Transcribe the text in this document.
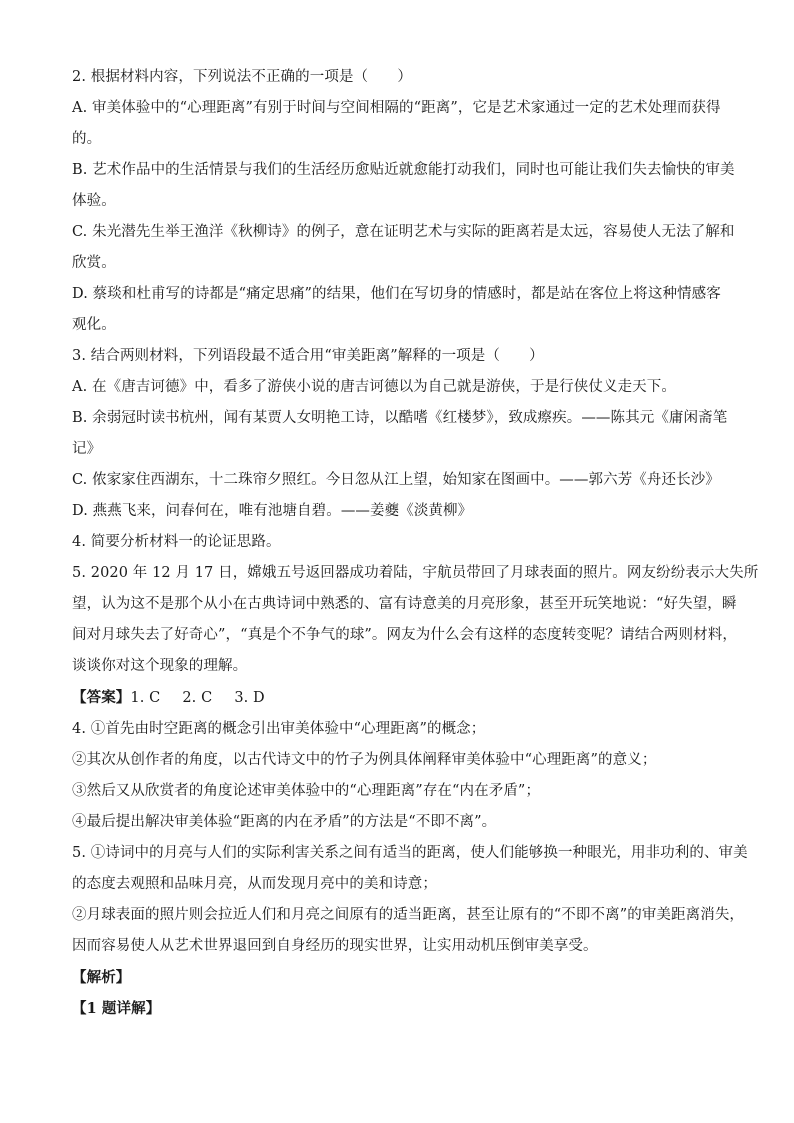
2. 根据材料内容，下列说法不正确的一项是（　　）
A. 审美体验中的“心理距离”有别于时间与空间相隔的“距离”，它是艺术家通过一定的艺术处理而获得
的。
B. 艺术作品中的生活情景与我们的生活经历愈贴近就愈能打动我们，同时也可能让我们失去愉快的审美
体验。
C. 朱光潜先生举王渔洋《秋柳诗》的例子，意在证明艺术与实际的距离若是太远，容易使人无法了解和
欣赏。
D. 蔡琰和杜甫写的诗都是“痛定思痛”的结果，他们在写切身的情感时，都是站在客位上将这种情感客
观化。
3. 结合两则材料，下列语段最不适合用“审美距离”解释的一项是（　　）
A. 在《唐吉诃德》中，看多了游侠小说的唐吉诃德以为自己就是游侠，于是行侠仗义走天下。
B. 余弱冠时读书杭州，闻有某贾人女明艳工诗，以酷嗜《红楼梦》，致成瘵疾。——陈其元《庸闲斋笔
记》
C. 侬家家住西湖东，十二珠帘夕照红。今日忽从江上望，始知家在图画中。——郭六芳《舟还长沙》
D. 燕燕飞来，问春何在，唯有池塘自碧。——姜夔《淡黄柳》
4. 简要分析材料一的论证思路。
5. 2020 年 12 月 17 日，嫦娥五号返回器成功着陆，宇航员带回了月球表面的照片。网友纷纷表示大失所
望，认为这不是那个从小在古典诗词中熟悉的、富有诗意美的月亮形象，甚至开玩笑地说：“好失望，瞬
间对月球失去了好奇心”，“真是个不争气的球”。网友为什么会有这样的态度转变呢？请结合两则材料，
谈谈你对这个现象的理解。
【答案】1. C 2. C 3. D
4. ①首先由时空距离的概念引出审美体验中“心理距离”的概念；
②其次从创作者的角度，以古代诗文中的竹子为例具体阐释审美体验中“心理距离”的意义；
③然后又从欣赏者的角度论述审美体验中的“心理距离”存在“内在矛盾”；
④最后提出解决审美体验“距离的内在矛盾”的方法是“不即不离”。
5. ①诗词中的月亮与人们的实际利害关系之间有适当的距离，使人们能够换一种眼光，用非功利的、审美
的态度去观照和品味月亮，从而发现月亮中的美和诗意；
②月球表面的照片则会拉近人们和月亮之间原有的适当距离，甚至让原有的“不即不离”的审美距离消失，
因而容易使人从艺术世界退回到自身经历的现实世界，让实用动机压倒审美享受。
【解析】
【1 题详解】
